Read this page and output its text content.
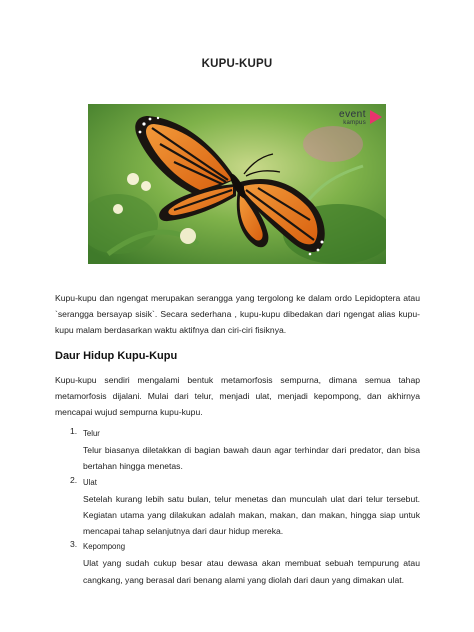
KUPU-KUPU
event
kampus
Kupu-kupu dan ngengat merupakan serangga yang tergolong ke dalam ordo Lepidoptera atau `serangga bersayap sisik`. Secara sederhana , kupu-kupu dibedakan dari ngengat alias kupu-kupu malam berdasarkan waktu aktifnya dan ciri-ciri fisiknya.
Daur Hidup Kupu-Kupu
Kupu-kupu sendiri mengalami bentuk metamorfosis sempurna, dimana semua tahap metamorfosis dijalani. Mulai dari telur, menjadi ulat, menjadi kepompong, dan akhirnya mencapai wujud sempurna kupu-kupu.
1. Telur
Telur biasanya diletakkan di bagian bawah daun agar terhindar dari predator, dan bisa bertahan hingga menetas.
2. Ulat
Setelah kurang lebih satu bulan, telur menetas dan munculah ulat dari telur tersebut. Kegiatan utama yang dilakukan adalah makan, makan, dan makan, hingga siap untuk mencapai tahap selanjutnya dari daur hidup mereka.
3. Kepompong
Ulat yang sudah cukup besar atau dewasa akan membuat sebuah tempurung atau cangkang, yang berasal dari benang alami yang diolah dari daun yang dimakan ulat.
